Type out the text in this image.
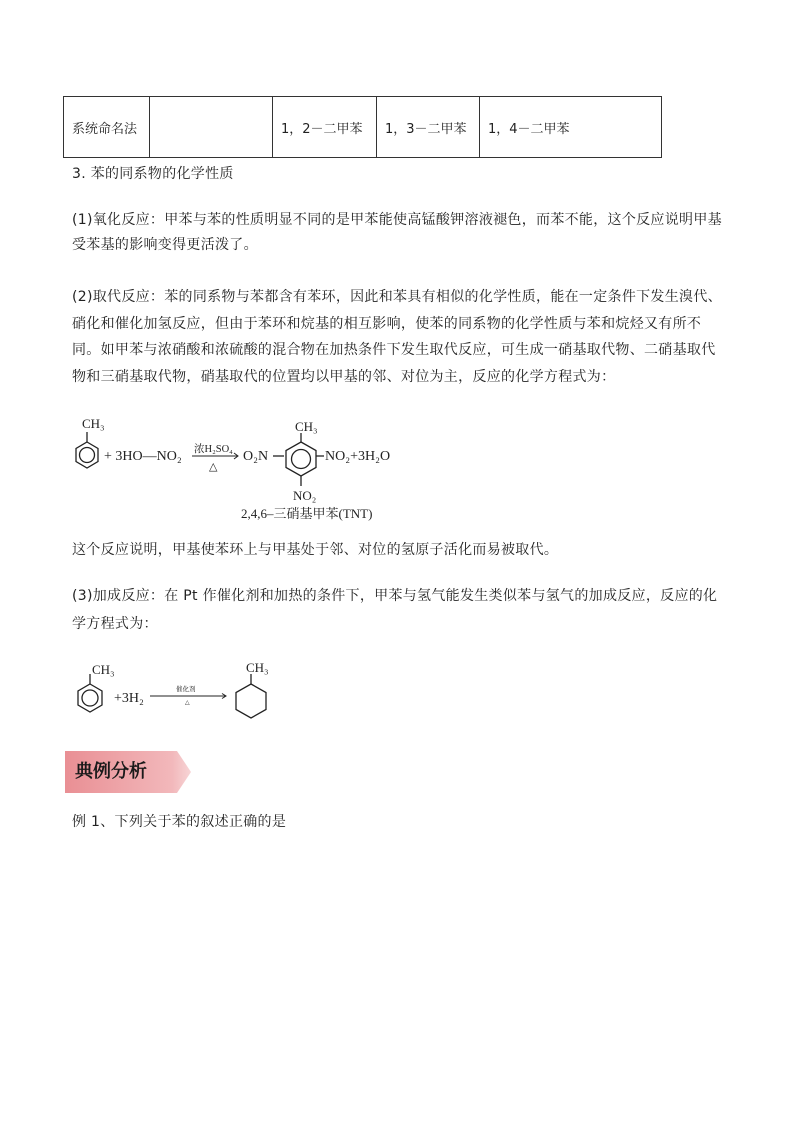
系统命名法		1，2－二甲苯	1，3－二甲苯	1，4－二甲苯
3. 苯的同系物的化学性质
(1)氧化反应：甲苯与苯的性质明显不同的是甲苯能使高锰酸钾溶液褪色，而苯不能，这个反应说明甲基受苯基的影响变得更活泼了。
(2)取代反应：苯的同系物与苯都含有苯环，因此和苯具有相似的化学性质，能在一定条件下发生溴代、硝化和催化加氢反应，但由于苯环和烷基的相互影响，使苯的同系物的化学性质与苯和烷烃又有所不同。如甲苯与浓硝酸和浓硫酸的混合物在加热条件下发生取代反应，可生成一硝基取代物、二硝基取代物和三硝基取代物，硝基取代的位置均以甲基的邻、对位为主，反应的化学方程式为：
CH₃
+ 3HO—NO₂ 浓H₂SO₄
△
O₂N
CH₃
NO₂+3H₂O
NO₂
2,4,6–三硝基甲苯(TNT)
这个反应说明，甲基使苯环上与甲基处于邻、对位的氢原子活化而易被取代。
(3)加成反应：在 Pt 作催化剂和加热的条件下，甲苯与氢气能发生类似苯与氢气的加成反应，反应的化学方程式为：
CH₃
+3H₂
催化剂
△
CH₃
典例分析
例 1、下列关于苯的叙述正确的是
